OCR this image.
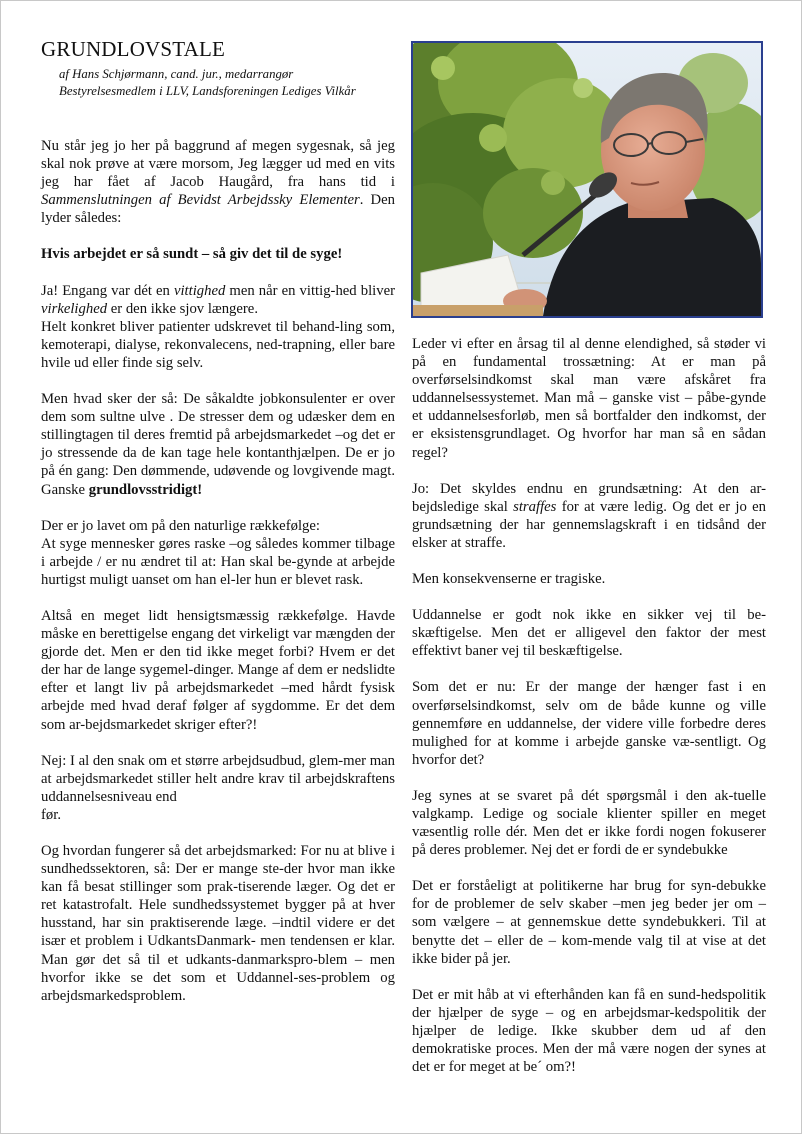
GRUNDLOVSTALE
af Hans Schjørmann, cand. jur., medarrangør
Bestyrelsesmedlem i LLV, Landsforeningen Lediges Vilkår

Nu står jeg jo her på baggrund af megen sygesnak, så jeg skal nok prøve at være morsom, Jeg lægger ud med en vits jeg har fået af Jacob Haugård, fra hans tid i Sammenslutningen af Bevidst Arbejdssky Elementer. Den lyder således:

Hvis arbejdet er så sundt – så giv det til de syge!

Ja! Engang var dét en vittighed men når en vittig-hed bliver virkelighed er den ikke sjov længere.
Helt konkret bliver patienter udskrevet til behand-ling som, kemoterapi, dialyse, rekonvalecens, ned-trapning, eller bare hvile ud eller finde sig selv.

Men hvad sker der så: De såkaldte jobkonsulenter er over dem som sultne ulve . De stresser dem og udæsker dem en stillingtagen til deres fremtid på arbejdsmarkedet –og det er jo stressende da de kan tage hele kontanthjælpen. De er jo på én gang: Den dømmende, udøvende og lovgivende magt. Ganske grundlovsstridigt!

Der er jo lavet om på den naturlige rækkefølge:
At syge mennesker gøres raske –og således kommer tilbage i arbejde / er nu ændret til at: Han skal be-gynde at arbejde hurtigst muligt uanset om han el-ler hun er blevet rask.

Altså en meget lidt hensigtsmæssig rækkefølge. Havde måske en berettigelse engang det virkeligt var mængden der gjorde det. Men er den tid ikke meget forbi? Hvem er det der har de lange sygemel-dinger. Mange af dem er nedslidte efter et langt liv på arbejdsmarkedet –med hårdt fysisk arbejde med hvad deraf følger af sygdomme. Er det dem som ar-bejdsmarkedet skriger efter?!

Nej: I al den snak om et større arbejdsudbud, glem-mer man at arbejdsmarkedet stiller helt andre krav til arbejdskraftens uddannelsesniveau end
før.

Og hvordan fungerer så det arbejdsmarked: For nu at blive i sundhedssektoren, så: Der er mange ste-der hvor man ikke kan få besat stillinger som prak-tiserende læger. Og det er ret katastrofalt. Hele sundhedssystemet bygger på at hver husstand, har sin praktiserende læge. –indtil videre er det især et problem i UdkantsDanmark- men tendensen er klar. Man gør det så til et udkants-danmarkspro-blem – men hvorfor ikke se det som et Uddannel-ses-problem og arbejdsmarkedsproblem.

Leder vi efter en årsag til al denne elendighed, så støder vi på en fundamental trossætning: At er man på overførselsindkomst skal man være afskåret fra uddannelsessystemet. Man må – ganske vist – påbe-gynde et uddannelsesforløb, men så bortfalder den indkomst, der er eksistensgrundlaget. Og hvorfor har man så en sådan regel?

Jo: Det skyldes endnu en grundsætning: At den ar-bejdsledige skal straffes for at være ledig. Og det er jo en grundsætning der har gennemslagskraft i en tidsånd der elsker at straffe.

Men konsekvenserne er tragiske.

Uddannelse er godt nok ikke en sikker vej til be-skæftigelse. Men det er alligevel den faktor der mest effektivt baner vej til beskæftigelse.

Som det er nu: Er der mange der hænger fast i en overførselsindkomst, selv om de både kunne og ville gennemføre en uddannelse, der videre ville forbedre deres mulighed for at komme i arbejde ganske væ-sentligt. Og hvorfor det?

Jeg synes at se svaret på dét spørgsmål i den ak-tuelle valgkamp. Ledige og sociale klienter spiller en meget væsentlig rolle dér. Men det er ikke fordi nogen fokuserer på deres problemer. Nej det er fordi de er syndebukke

Det er forståeligt at politikerne har brug for syn-debukke for de problemer de selv skaber –men jeg beder jer om – som vælgere – at gennemskue dette syndebukkeri. Til at benytte det – eller de – kom-mende valg til at vise at det ikke bider på jer.

Det er mit håb at vi efterhånden kan få en sund-hedspolitik der hjælper de syge – og en arbejdsmar-kedspolitik der hjælper de ledige. Ikke skubber dem ud af den demokratiske proces. Men der må være nogen der synes at det er for meget at be´ om?!
